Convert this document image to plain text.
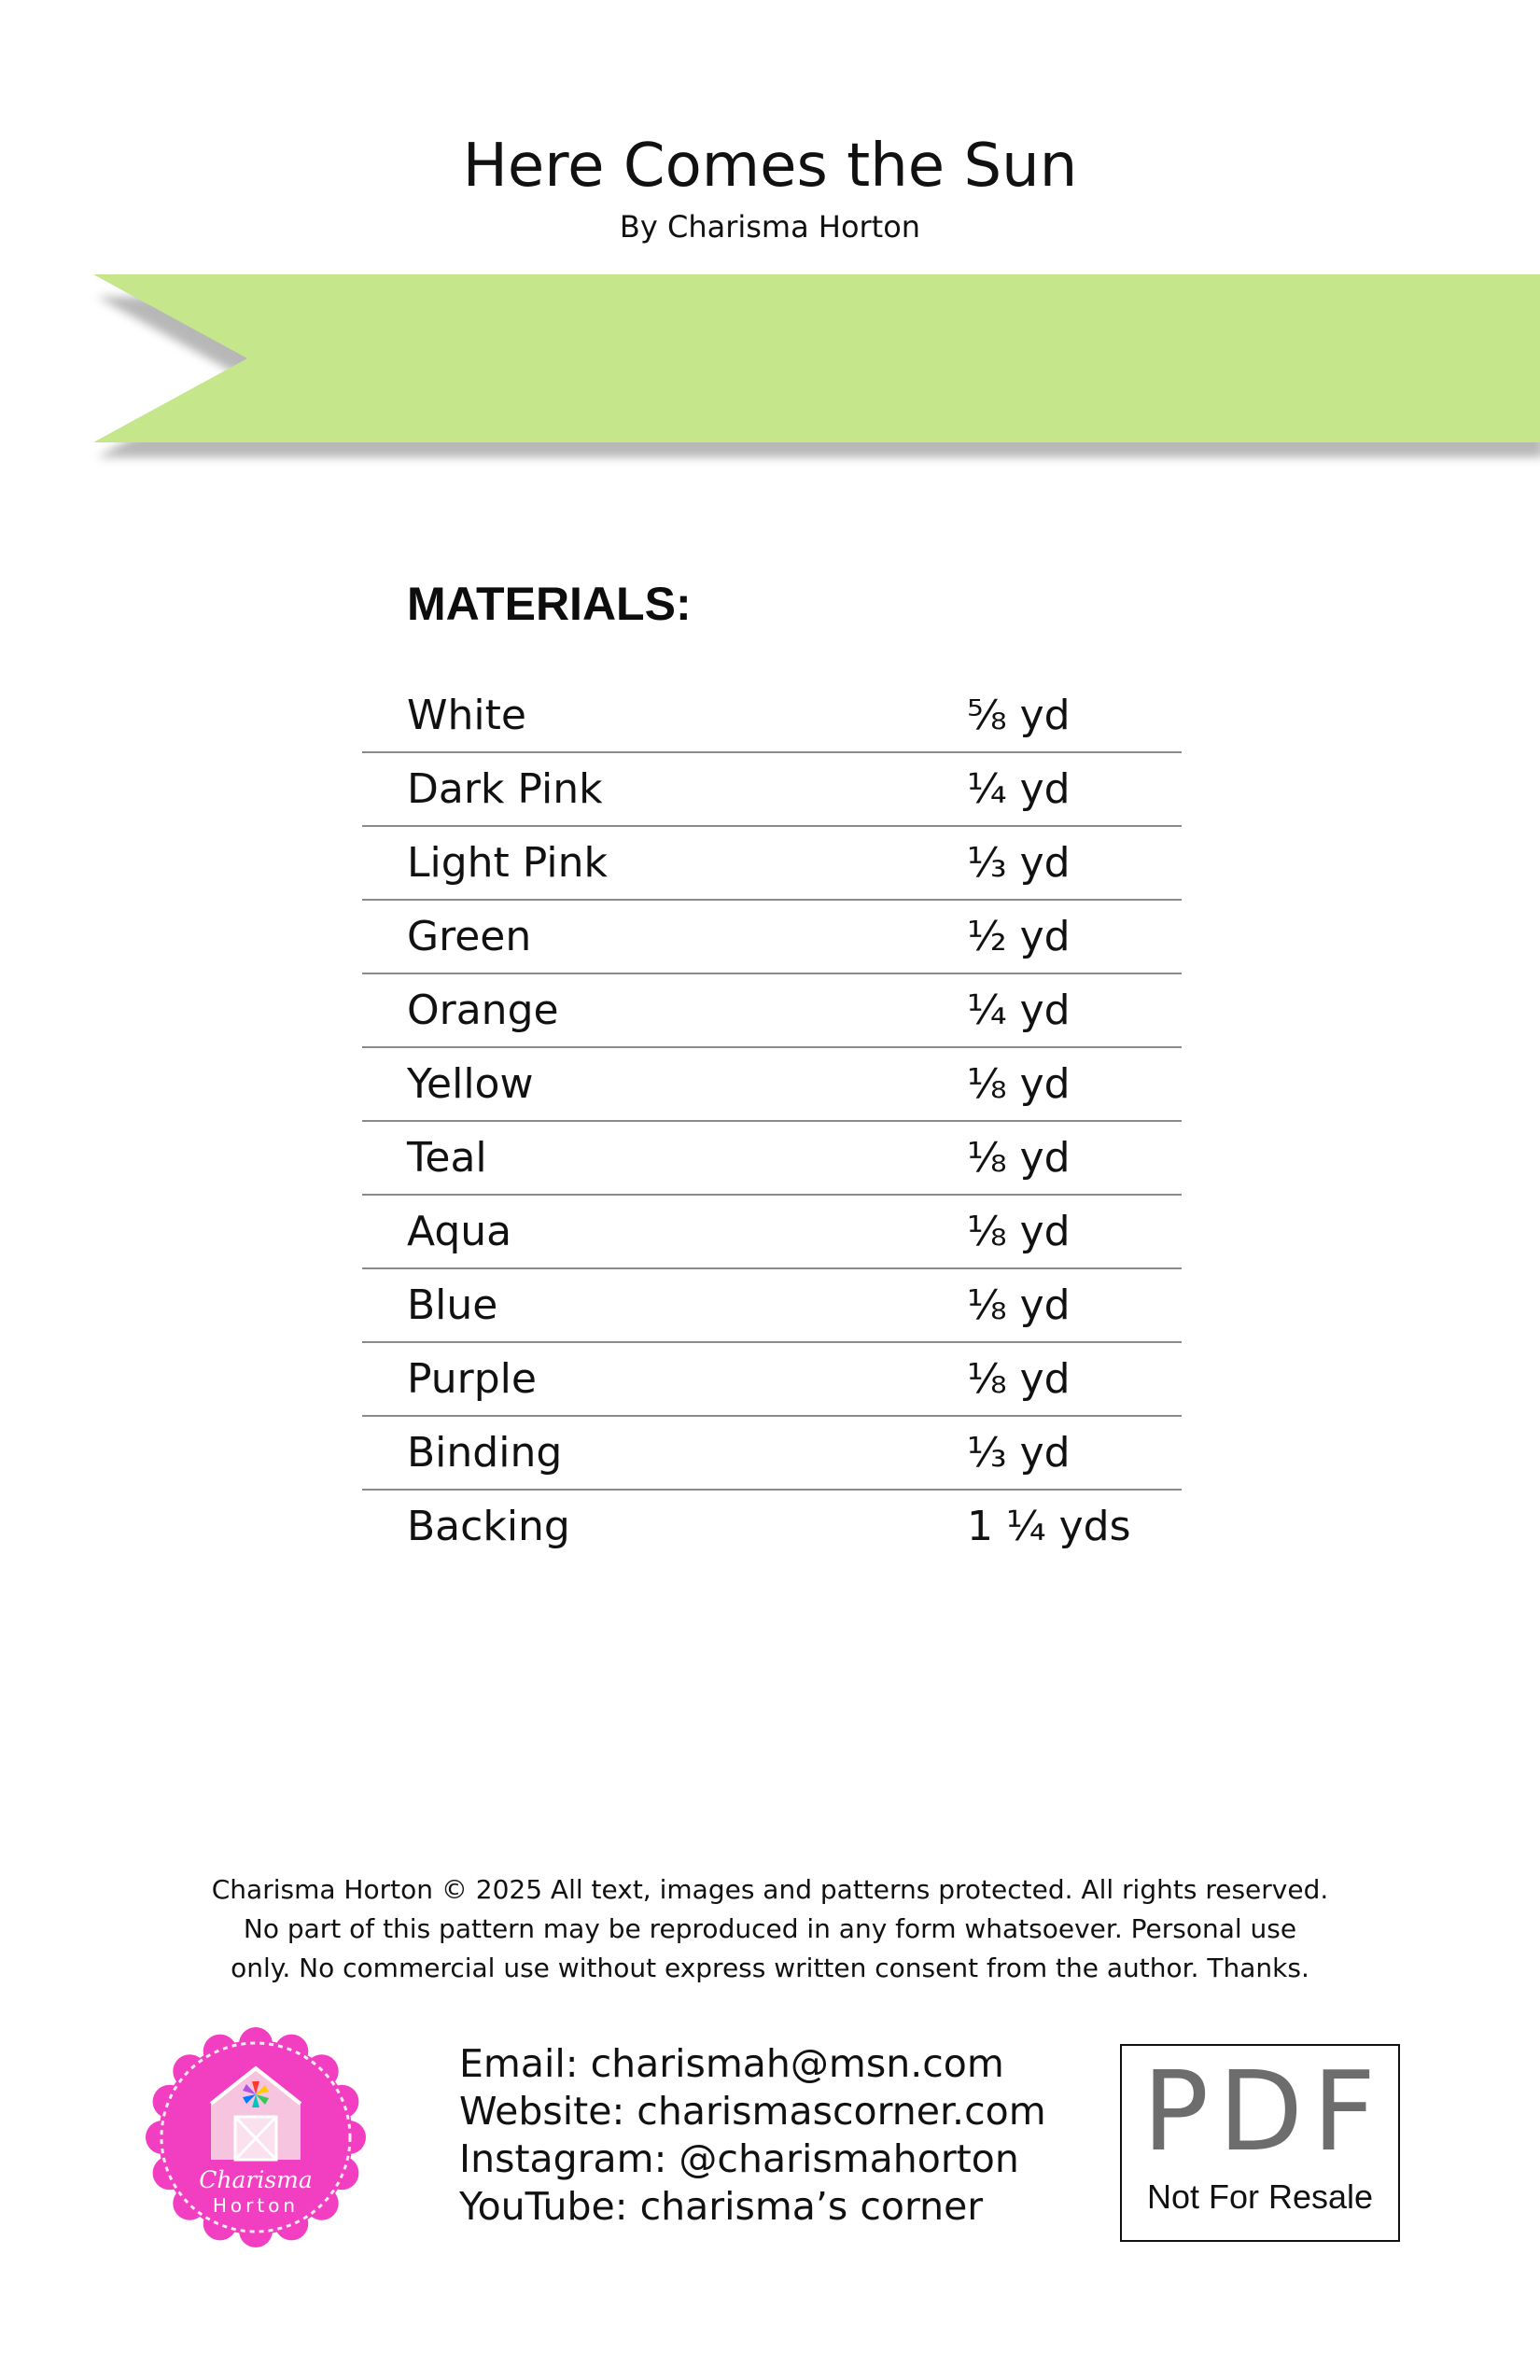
Here Comes the Sun
By Charisma Horton
MATERIALS:
White	⅝ yd
Dark Pink	¼ yd
Light Pink	⅓ yd
Green	½ yd
Orange	¼ yd
Yellow	⅛ yd
Teal	⅛ yd
Aqua	⅛ yd
Blue	⅛ yd
Purple	⅛ yd
Binding	⅓ yd
Backing	1 ¼ yds
Charisma Horton © 2025 All text, images and patterns protected. All rights reserved.
No part of this pattern may be reproduced in any form whatsoever. Personal use
only. No commercial use without express written consent from the author. Thanks.
Charisma
Horton
Email: charismah@msn.com
Website: charismascorner.com
Instagram: @charismahorton
YouTube: charisma’s corner
PDF
Not For Resale
